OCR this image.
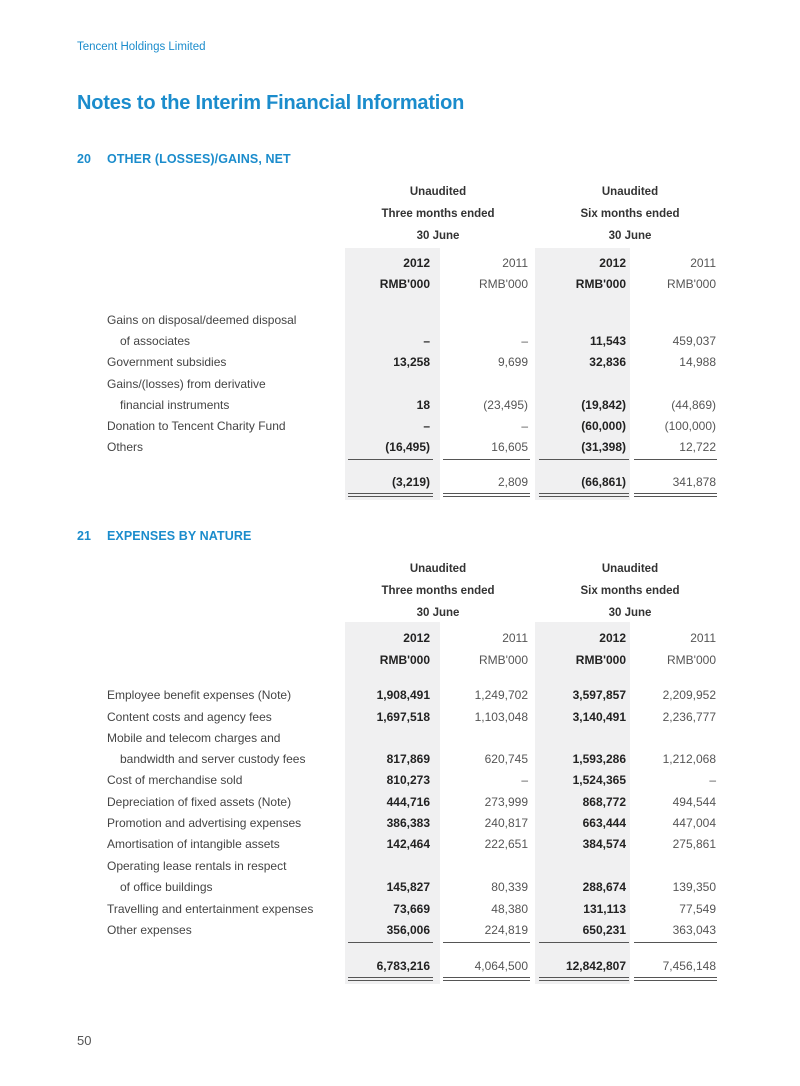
Tencent Holdings Limited
Notes to the Interim Financial Information
20 OTHER (LOSSES)/GAINS, NET
Unaudited	Unaudited
Three months ended	Six months ended
30 June	30 June
2012	2011	2012	2011
RMB'000	RMB'000	RMB'000	RMB'000
Gains on disposal/deemed disposal
of associates	–	–	11,543	459,037
Government subsidies	13,258	9,699	32,836	14,988
Gains/(losses) from derivative
financial instruments	18	(23,495)	(19,842)	(44,869)
Donation to Tencent Charity Fund	–	–	(60,000)	(100,000)
Others	(16,495)	16,605	(31,398)	12,722
(3,219)	2,809	(66,861)	341,878
21 EXPENSES BY NATURE
Unaudited	Unaudited
Three months ended	Six months ended
30 June	30 June
2012	2011	2012	2011
RMB'000	RMB'000	RMB'000	RMB'000
Employee benefit expenses (Note)	1,908,491	1,249,702	3,597,857	2,209,952
Content costs and agency fees	1,697,518	1,103,048	3,140,491	2,236,777
Mobile and telecom charges and
bandwidth and server custody fees	817,869	620,745	1,593,286	1,212,068
Cost of merchandise sold	810,273	–	1,524,365	–
Depreciation of fixed assets (Note)	444,716	273,999	868,772	494,544
Promotion and advertising expenses	386,383	240,817	663,444	447,004
Amortisation of intangible assets	142,464	222,651	384,574	275,861
Operating lease rentals in respect
of office buildings	145,827	80,339	288,674	139,350
Travelling and entertainment expenses	73,669	48,380	131,113	77,549
Other expenses	356,006	224,819	650,231	363,043
6,783,216	4,064,500	12,842,807	7,456,148
50
